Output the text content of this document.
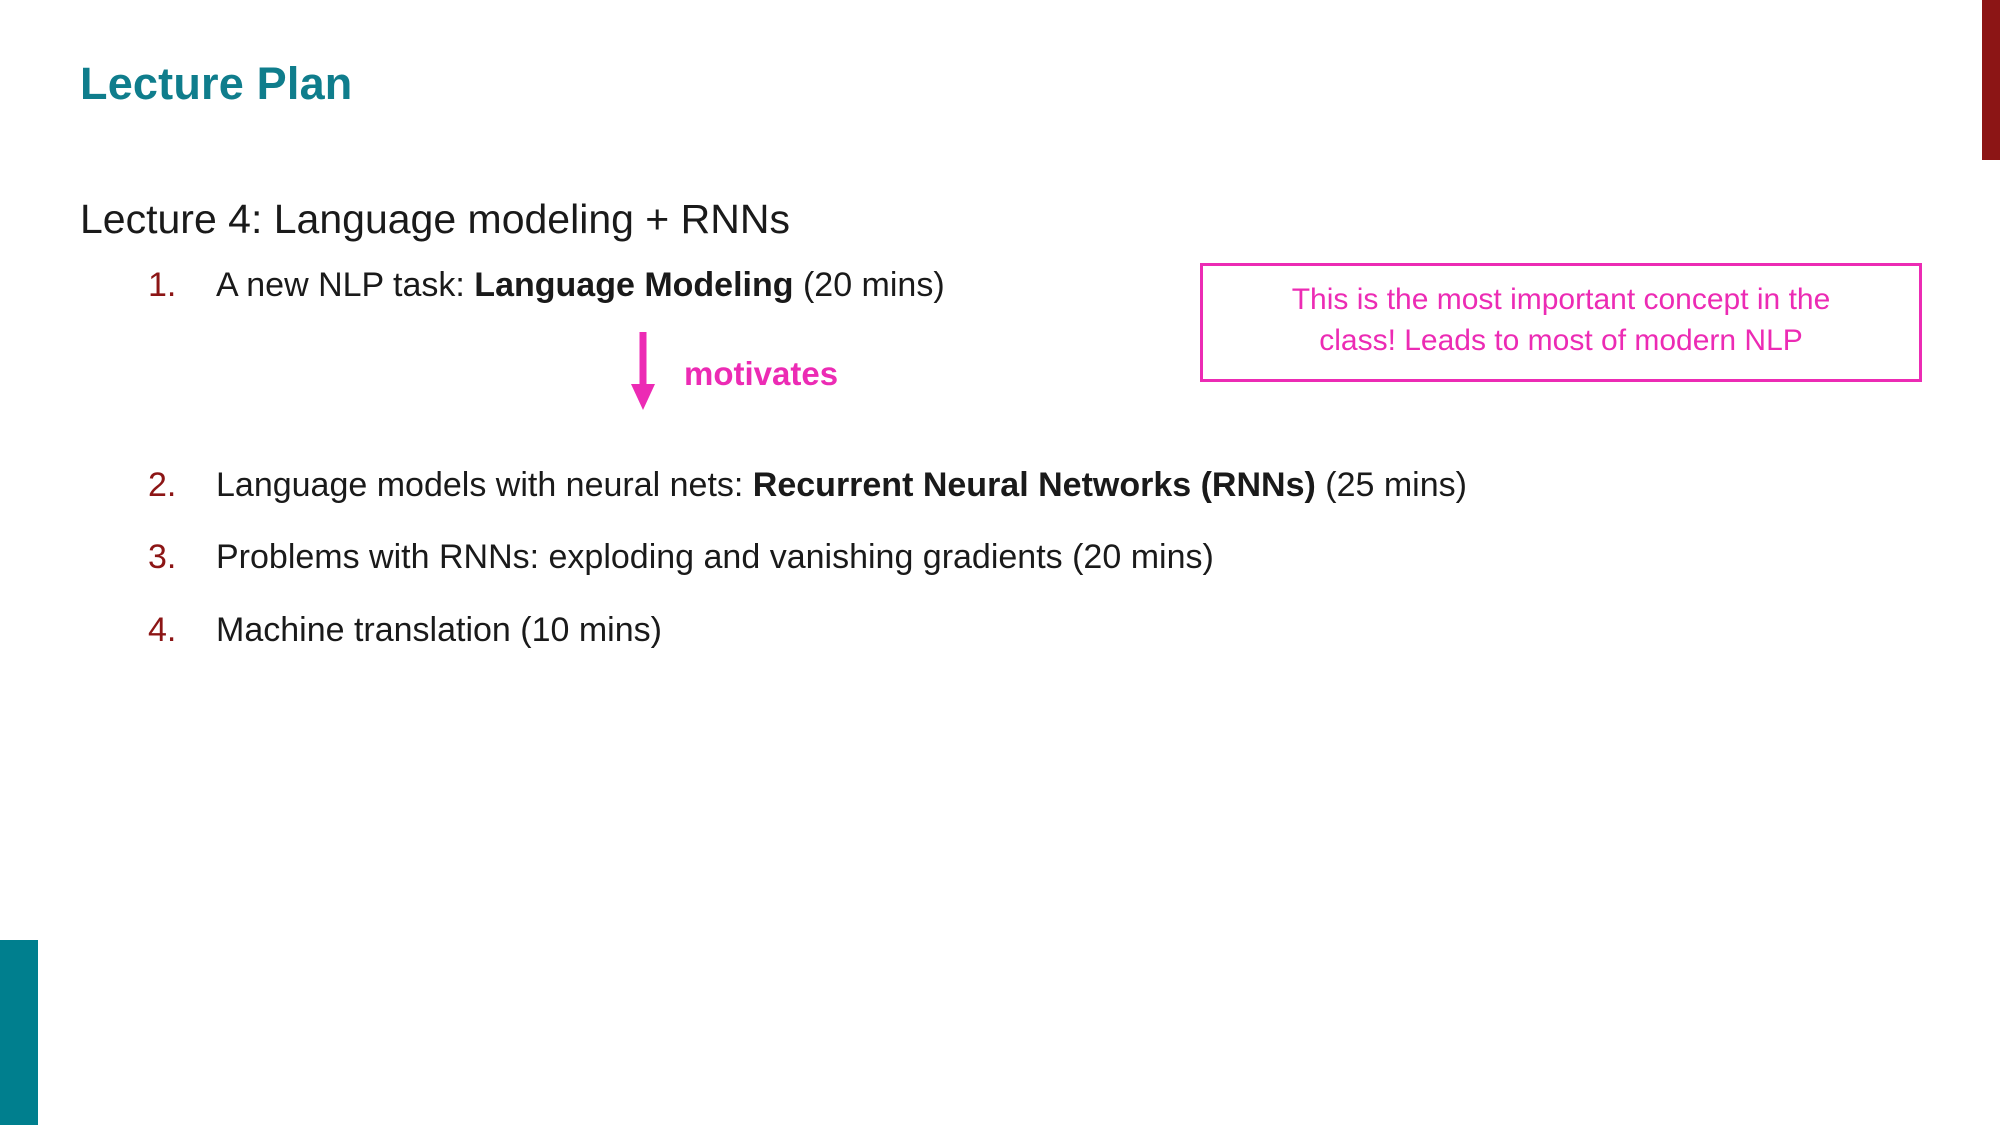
Lecture Plan
Lecture 4: Language modeling + RNNs
1.	A new NLP task: Language Modeling (20 mins)
2.	Language models with neural nets: Recurrent Neural Networks (RNNs) (25 mins)
3.	Problems with RNNs: exploding and vanishing gradients (20 mins)
4.	Machine translation (10 mins)
motivates
This is the most important concept in the
class! Leads to most of modern NLP
